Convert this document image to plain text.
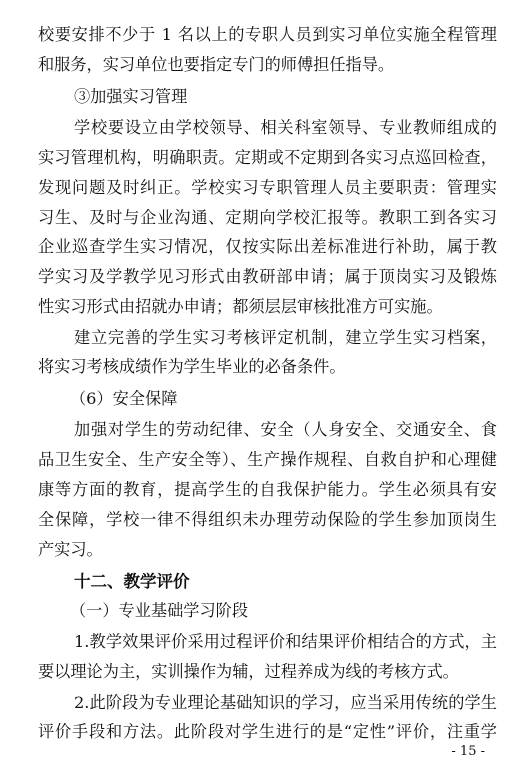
校要安排不少于 1 名以上的专职人员到实习单位实施全程管理
和服务，实习单位也要指定专门的师傅担任指导。
③加强实习管理
学校要设立由学校领导、相关科室领导、专业教师组成的
实习管理机构，明确职责。定期或不定期到各实习点巡回检查，
发现问题及时纠正。学校实习专职管理人员主要职责：管理实
习生、及时与企业沟通、定期向学校汇报等。教职工到各实习
企业巡查学生实习情况，仅按实际出差标准进行补助，属于教
学实习及学教学见习形式由教研部申请；属于顶岗实习及锻炼
性实习形式由招就办申请；都须层层审核批准方可实施。
建立完善的学生实习考核评定机制，建立学生实习档案，
将实习考核成绩作为学生毕业的必备条件。
（6）安全保障
加强对学生的劳动纪律、安全（人身安全、交通安全、食
品卫生安全、生产安全等）、生产操作规程、自救自护和心理健
康等方面的教育，提高学生的自我保护能力。学生必须具有安
全保障，学校一律不得组织未办理劳动保险的学生参加顶岗生
产实习。
十二、教学评价
（一）专业基础学习阶段
1.教学效果评价采用过程评价和结果评价相结合的方式，主
要以理论为主，实训操作为辅，过程养成为线的考核方式。
2.此阶段为专业理论基础知识的学习，应当采用传统的学生
评价手段和方法。此阶段对学生进行的是“定性”评价，注重学
- 15 -
